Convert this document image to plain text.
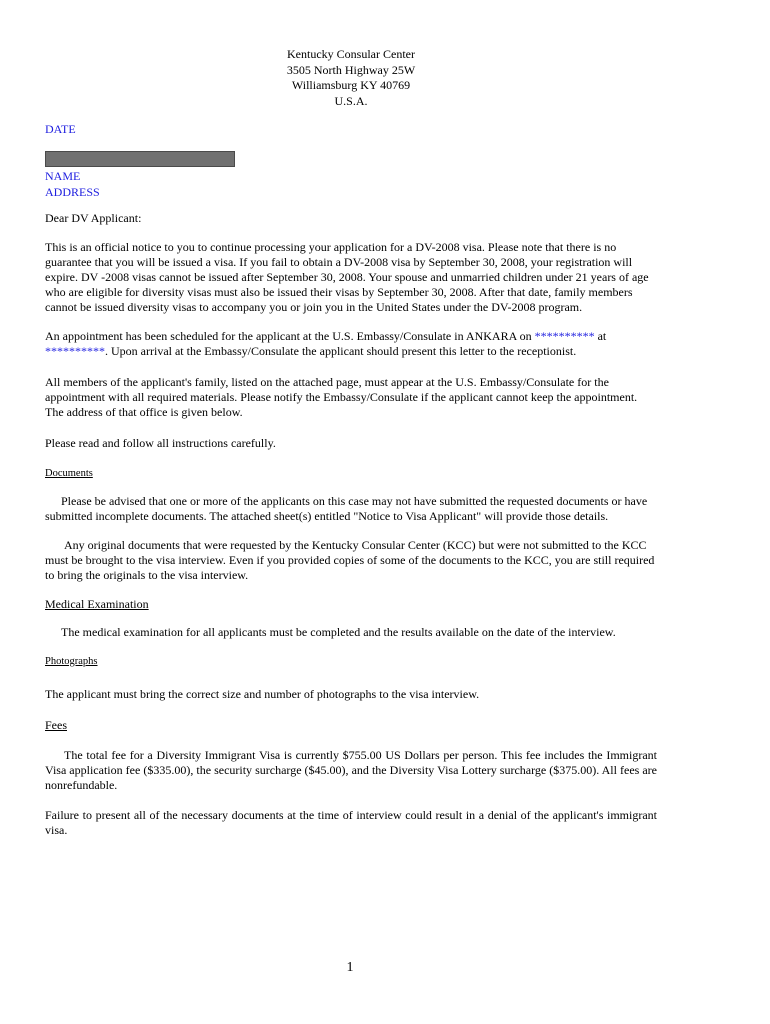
Kentucky Consular Center
3505 North Highway 25W
Williamsburg KY 40769
U.S.A.
DATE
NAME
ADDRESS

Dear DV Applicant:

This is an official notice to you to continue processing your application for a DV-2008 visa. Please note that there is no guarantee that you will be issued a visa. If you fail to obtain a DV-2008 visa by September 30, 2008, your registration will expire. DV -2008 visas cannot be issued after September 30, 2008. Your spouse and unmarried children under 21 years of age who are eligible for diversity visas must also be issued their visas by September 30, 2008. After that date, family members cannot be issued diversity visas to accompany you or join you in the United States under the DV-2008 program.

An appointment has been scheduled for the applicant at the U.S. Embassy/Consulate in ANKARA on ********** at **********. Upon arrival at the Embassy/Consulate the applicant should present this letter to the receptionist.

All members of the applicant's family, listed on the attached page, must appear at the U.S. Embassy/Consulate for the appointment with all required materials. Please notify the Embassy/Consulate if the applicant cannot keep the appointment. The address of that office is given below.

Please read and follow all instructions carefully.

Documents

Please be advised that one or more of the applicants on this case may not have submitted the requested documents or have submitted incomplete documents. The attached sheet(s) entitled "Notice to Visa Applicant" will provide those details.

Any original documents that were requested by the Kentucky Consular Center (KCC) but were not submitted to the KCC must be brought to the visa interview. Even if you provided copies of some of the documents to the KCC, you are still required to bring the originals to the visa interview.

Medical Examination

The medical examination for all applicants must be completed and the results available on the date of the interview.

Photographs

The applicant must bring the correct size and number of photographs to the visa interview.

Fees

The total fee for a Diversity Immigrant Visa is currently $755.00 US Dollars per person. This fee includes the Immigrant Visa application fee ($335.00), the security surcharge ($45.00), and the Diversity Visa Lottery surcharge ($375.00). All fees are nonrefundable.

Failure to present all of the necessary documents at the time of interview could result in a denial of the applicant's immigrant visa.

1
